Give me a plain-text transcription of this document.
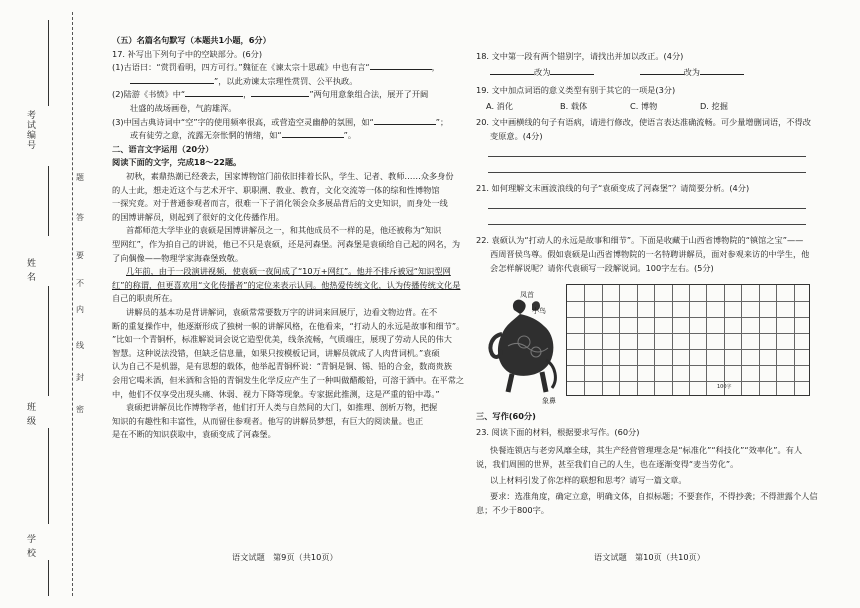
考试编号
姓 名
班 级
学 校
题
答
要
不
内
线
封
密
（五）名篇名句默写（本题共1小题，6分）
17. 补写出下列句子中的空缺部分。(6分)
(1)古语曰：“赏罚看明，四方可行。”魏征在《谏太宗十思疏》中也有言“	，
”，以此劝谏太宗理性赏罚、公平执政。
(2)陆游《书愤》中“	，	”两句用意象组合法，展开了开阔
壮盛的战场画卷，气韵雄浑。
(3)中国古典诗词中“空”字的使用频率很高，或营造空灵幽静的氛围，如“	”；
或有徒劳之意，流露无奈怅惘的情绪，如“	”。
二、语言文字运用（20分）
阅读下面的文字，完成18～22题。
初秋，素鼎热潮已经袭去，国家博物馆门前依旧排着长队，学生、记者、教师……众多身份
的人士此，想走近这个与艺术开宇、职职溯、教业、教育，文化交流等一体的综和性博物馆
一探究竟。对于普通参观者而言，很难一下子消化领会众多展品背后的文史知识，而身处一线
的国博讲解员，则起到了很好的文化传播作用。
首都师范大学毕业的袁硕是国博讲解员之一，和其他成员不一样的是，他还被称为“知识
型网红”，作为拍自己的讲说，他已不只是袁硕，还是河森堡。河森堡是袁硕给自己起的网名，为
了向偶像——物理学家海森堡致敬。
几年前，由于一段演讲视频，使袁硕一夜间成了“10万+网红”。他并不排斥被冠“知识型网
红”的称谓，但更喜欢用“文化传播者”的定位来表示认同。他热爱传统文化，认为传播传统文化是
自己的职责所在。
讲解员的基本功是背讲解词，袁硕常常要数万字的讲词来回展厅，边看文物边背。在不
断的重复操作中，他逐渐形成了独树一帜的讲解风格，在他看来，“打动人的永远是故事和细节”。
”比如一个青铜杯，标准解说词会说它造型优美，线条流畅，气质端庄，展现了劳动人民的伟大
智慧。这种说法没错，但缺乏信息量，如果只按模板记词，讲解员就成了人肉背词机。”袁硕
认为自己不是机器，是有思想的载体，他举起青铜杯说：“青铜是铜、锡、铅的合金，数商贵族
会用它喝米酒，但米酒和含铅的青铜发生化学反应产生了一种叫做醋酸铅，可溶于酒中。在平常之
中，他们不仅享受出现头痛、休弱、视力下降等现象。专家据此推测，这是严重的铅中毒。”
袁硕把讲解员比作博物学者，他们打开人类与自然间的大门，如推理、剖析万物，把握
知识的有趣性和丰富性，从而留住参观者。他写的讲解员梦想，有巨大的阅读量。也正
是在不断的知识获取中，袁硕变成了河森堡。
语文试题　第9页（共10页）
18. 文中第一段有两个错别字，请找出并加以改正。(4分)
改为	改为
19. 文中加点词语的意义类型有别于其它的一项是(3分)
A. 消化	B. 载体	C. 博物	D. 挖掘
20. 文中画横线的句子有语病，请进行修改，使语言表达准确流畅。可少量增删词语，不得改
变原意。(4分)
21. 如何理解文末画波浪线的句子“袁硕变成了河森堡”？请简要分析。(4分)
22. 袁硕认为“打动人的永远是故事和细节”。下面是收藏于山西省博物院的“镇馆之宝”——
西周晋侯鸟尊。假如袁硕是山西省博物院的一名特聘讲解员，面对参观来访的中学生，他
会怎样解说呢？请你代袁硕写一段解说词。100字左右。(5分)
三、写作(60分)
23. 阅读下面的材料，根据要求写作。(60分)
快餐连锁店与老旁风靡全球，其生产经营管理理念是“标准化”“科技化”“效率化”。有人
说，我们周围的世界，甚至我们自己的人生，也在逐渐变得“麦当劳化”。
以上材料引发了你怎样的联想和思考？请写一篇文章。
要求：选准角度，确定立意，明确文体，自拟标题；不要套作，不得抄袭；不得泄露个人信
息；不少于800字。
语文试题　第10页（共10页）
凤首
小鸟
象鼻
100字
